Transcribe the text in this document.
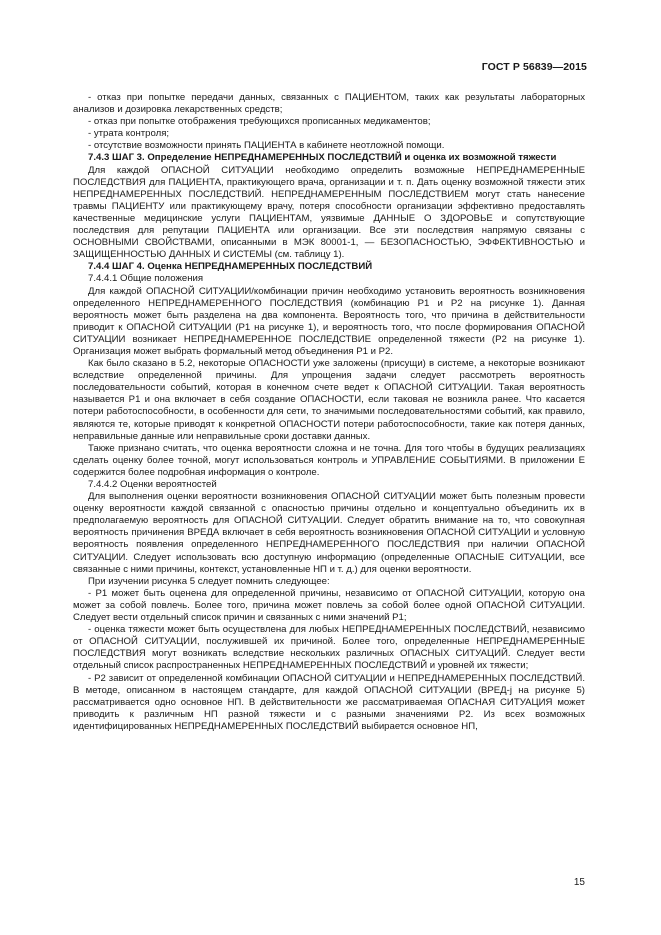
ГОСТ Р 56839—2015

- отказ при попытке передачи данных, связанных с ПАЦИЕНТОМ, таких как результаты лабораторных анализов и дозировка лекарственных средств;

- отказ при попытке отображения требующихся прописанных медикаментов;

- утрата контроля;

- отсутствие возможности принять ПАЦИЕНТА в кабинете неотложной помощи.

7.4.3 ШАГ 3. Определение НЕПРЕДНАМЕРЕННЫХ ПОСЛЕДСТВИЙ и оценка их возможной тяжести

Для каждой ОПАСНОЙ СИТУАЦИИ необходимо определить возможные НЕПРЕДНАМЕРЕННЫЕ ПОСЛЕДСТВИЯ для ПАЦИЕНТА, практикующего врача, организации и т. п. Дать оценку возможной тяжести этих НЕПРЕДНАМЕРЕННЫХ ПОСЛЕДСТВИЙ. НЕПРЕДНАМЕРЕННЫМ ПОСЛЕДСТВИЕМ могут стать нанесение травмы ПАЦИЕНТУ или практикующему врачу, потеря способности организации эффективно предоставлять качественные медицинские услуги ПАЦИЕНТАМ, уязвимые ДАННЫЕ О ЗДОРОВЬЕ и сопутствующие последствия для репутации ПАЦИЕНТА или организации. Все эти последствия напрямую связаны с ОСНОВНЫМИ СВОЙСТВАМИ, описанными в МЭК 80001-1, — БЕЗОПАСНОСТЬЮ, ЭФФЕКТИВНОСТЬЮ и ЗАЩИЩЕННОСТЬЮ ДАННЫХ И СИСТЕМЫ (см. таблицу 1).

7.4.4 ШАГ 4. Оценка НЕПРЕДНАМЕРЕННЫХ ПОСЛЕДСТВИЙ

7.4.4.1 Общие положения

Для каждой ОПАСНОЙ СИТУАЦИИ/комбинации причин необходимо установить вероятность возникновения определенного НЕПРЕДНАМЕРЕННОГО ПОСЛЕДСТВИЯ (комбинацию P1 и P2 на рисунке 1). Данная вероятность может быть разделена на два компонента. Вероятность того, что причина в действительности приводит к ОПАСНОЙ СИТУАЦИИ (P1 на рисунке 1), и вероятность того, что после формирования ОПАСНОЙ СИТУАЦИИ возникает НЕПРЕДНАМЕРЕННОЕ ПОСЛЕДСТВИЕ определенной тяжести (P2 на рисунке 1). Организация может выбрать формальный метод объединения P1 и P2.

Как было сказано в 5.2, некоторые ОПАСНОСТИ уже заложены (присущи) в системе, а некоторые возникают вследствие определенной причины. Для упрощения задачи следует рассмотреть вероятность последовательности событий, которая в конечном счете ведет к ОПАСНОЙ СИТУАЦИИ. Такая вероятность называется P1 и она включает в себя создание ОПАСНОСТИ, если таковая не возникла ранее. Что касается потери работоспособности, в особенности для сети, то значимыми последовательностями событий, как правило, являются те, которые приводят к конкретной ОПАСНОСТИ потери работоспособности, такие как потеря данных, неправильные данные или неправильные сроки доставки данных.

Также признано считать, что оценка вероятности сложна и не точна. Для того чтобы в будущих реализациях сделать оценку более точной, могут использоваться контроль и УПРАВЛЕНИЕ СОБЫТИЯМИ. В приложении Е содержится более подробная информация о контроле.

7.4.4.2 Оценки вероятностей

Для выполнения оценки вероятности возникновения ОПАСНОЙ СИТУАЦИИ может быть полезным провести оценку вероятности каждой связанной с опасностью причины отдельно и концептуально объединить их в предполагаемую вероятность для ОПАСНОЙ СИТУАЦИИ. Следует обратить внимание на то, что совокупная вероятность причинения ВРЕДА включает в себя вероятность возникновения ОПАСНОЙ СИТУАЦИИ и условную вероятность появления определенного НЕПРЕДНАМЕРЕННОГО ПОСЛЕДСТВИЯ при наличии ОПАСНОЙ СИТУАЦИИ. Следует использовать всю доступную информацию (определенные ОПАСНЫЕ СИТУАЦИИ, все связанные с ними причины, контекст, установленные НП и т. д.) для оценки вероятности.

При изучении рисунка 5 следует помнить следующее:

- P1 может быть оценена для определенной причины, независимо от ОПАСНОЙ СИТУАЦИИ, которую она может за собой повлечь. Более того, причина может повлечь за собой более одной ОПАСНОЙ СИТУАЦИИ. Следует вести отдельный список причин и связанных с ними значений P1;

- оценка тяжести может быть осуществлена для любых НЕПРЕДНАМЕРЕННЫХ ПОСЛЕДСТВИЙ, независимо от ОПАСНОЙ СИТУАЦИИ, послужившей их причиной. Более того, определенные НЕПРЕДНАМЕРЕННЫЕ ПОСЛЕДСТВИЯ могут возникать вследствие нескольких различных ОПАСНЫХ СИТУАЦИЙ. Следует вести отдельный список распространенных НЕПРЕДНАМЕРЕННЫХ ПОСЛЕДСТВИЙ и уровней их тяжести;

- P2 зависит от определенной комбинации ОПАСНОЙ СИТУАЦИИ и НЕПРЕДНАМЕРЕННЫХ ПОСЛЕДСТВИЙ. В методе, описанном в настоящем стандарте, для каждой ОПАСНОЙ СИТУАЦИИ (ВРЕД-j на рисунке 5) рассматривается одно основное НП. В действительности же рассматриваемая ОПАСНАЯ СИТУАЦИЯ может приводить к различным НП разной тяжести и с разными значениями P2. Из всех возможных идентифицированных НЕПРЕДНАМЕРЕННЫХ ПОСЛЕДСТВИЙ выбирается основное НП,

15
